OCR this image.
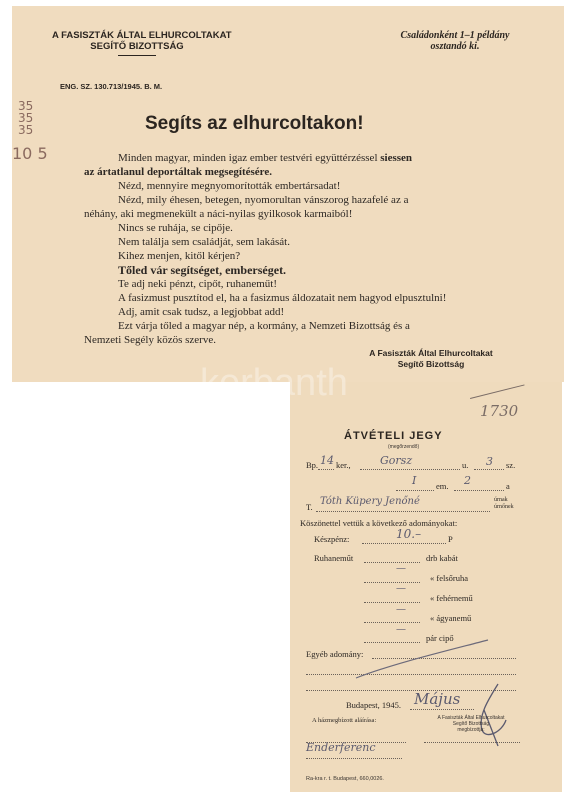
A FASISZTÁK ÁLTAL ELHURCOLTAKAT
SEGÍTŐ BIZOTTSÁG
Családonként 1–1 példány
osztandó ki.
ENG. SZ. 130.713/1945. B. M.
35
35
35
10 5
Segíts az elhurcoltakon!
Minden magyar, minden igaz ember testvéri együttérzéssel siessen
az ártatlanul deportáltak megsegítésére.
Nézd, mennyire megnyomorították embertársadat!
Nézd, mily éhesen, betegen, nyomorultan vánszorog hazafelé az a
néhány, aki megmenekült a náci-nyilas gyilkosok karmaiból!
Nincs se ruhája, se cipője.
Nem találja sem családját, sem lakását.
Kihez menjen, kitől kérjen?
Tőled vár segítséget, emberséget.
Te adj neki pénzt, cipőt, ruhaneműt!
A fasizmust pusztítod el, ha a fasizmus áldozatait nem hagyod elpusztulni!
Adj, amit csak tudsz, a legjobbat add!
Ezt várja tőled a magyar nép, a kormány, a Nemzeti Bizottság és a
Nemzeti Segély közös szerve.
A Fasiszták Által Elhurcoltakat
Segítő Bizottság
kerbanth
1730
ÁTVÉTELI JEGY
(megőrzendő)
Bp. 14 ker.,	Gorsz	u. 3 sz.
I em. 2	a
T. Tóth Küpery Jenőné	úrnak
úrnőnek
Köszönettel vettük a következő adományokat:
Készpénz:	10.–	P
Ruhaneműt	drb kabát
—
« felsőruha
—
« fehérnemű
—
« ágyanemű
—
pár cipő
Egyéb adomány:
Budapest, 1945. Május
A házmegbízott aláírása:	A Fasiszták Által Elhurcoltakat
Segítő Bizottság
megbízottja:
Enderferenc
Ra-kra r. t. Budapest, 660,0026.
